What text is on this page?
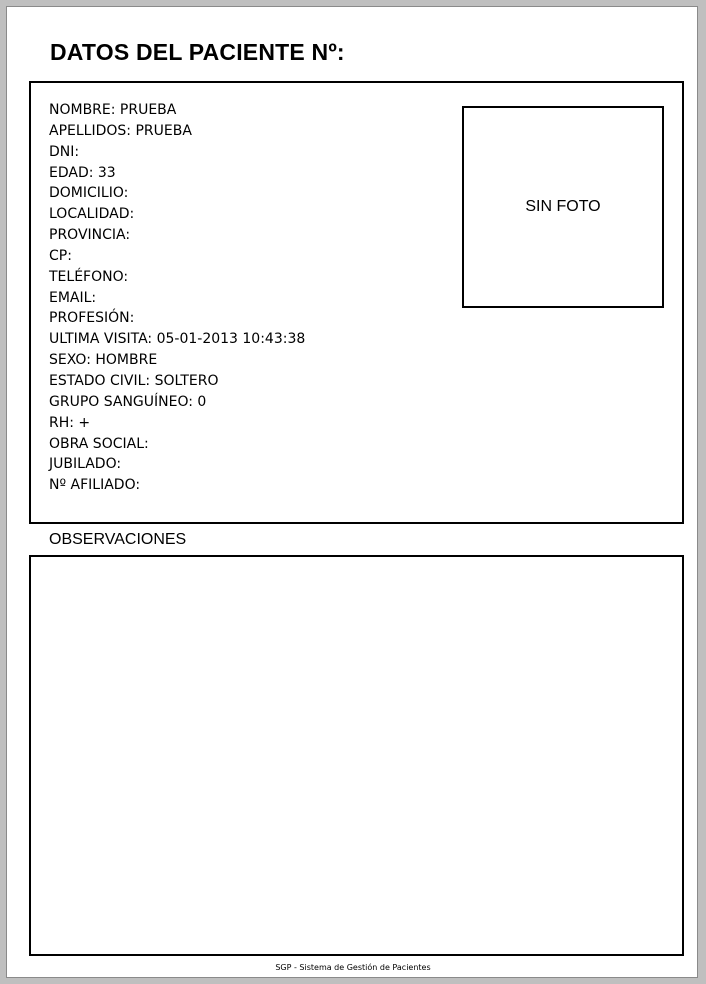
DATOS DEL PACIENTE Nº:
NOMBRE: PRUEBA
APELLIDOS: PRUEBA
DNI:
EDAD: 33
DOMICILIO:
LOCALIDAD:
PROVINCIA:
CP:
TELÉFONO:
EMAIL:
PROFESIÓN:
ULTIMA VISITA: 05-01-2013 10:43:38
SEXO: HOMBRE
ESTADO CIVIL: SOLTERO
GRUPO SANGUÍNEO: 0
RH: +
OBRA SOCIAL:
JUBILADO:
Nº AFILIADO:
SIN FOTO
OBSERVACIONES
SGP - Sistema de Gestión de Pacientes
